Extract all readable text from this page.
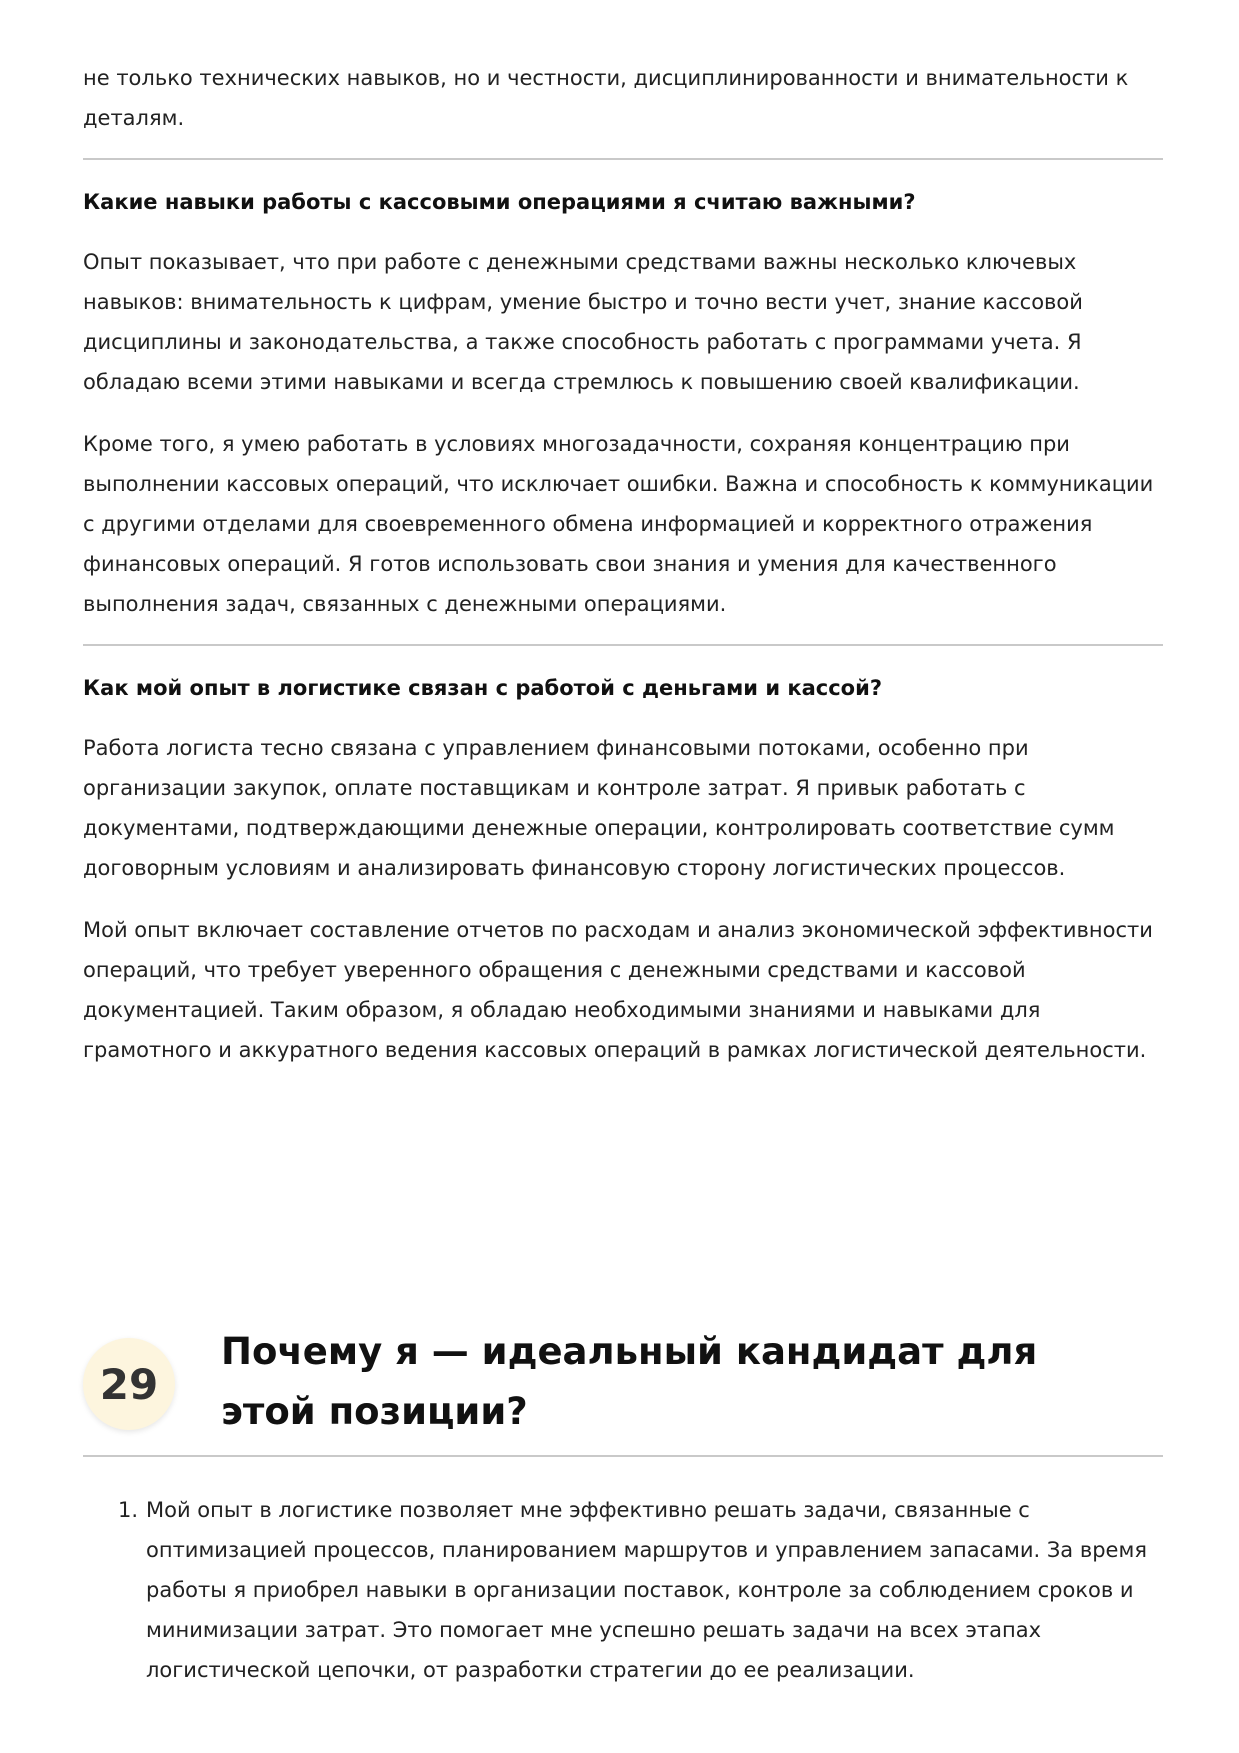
не только технических навыков, но и честности, дисциплинированности и внимательности к деталям.

Какие навыки работы с кассовыми операциями я считаю важными?

Опыт показывает, что при работе с денежными средствами важны несколько ключевых навыков: внимательность к цифрам, умение быстро и точно вести учет, знание кассовой дисциплины и законодательства, а также способность работать с программами учета. Я обладаю всеми этими навыками и всегда стремлюсь к повышению своей квалификации.

Кроме того, я умею работать в условиях многозадачности, сохраняя концентрацию при выполнении кассовых операций, что исключает ошибки. Важна и способность к коммуникации с другими отделами для своевременного обмена информацией и корректного отражения финансовых операций. Я готов использовать свои знания и умения для качественного выполнения задач, связанных с денежными операциями.

Как мой опыт в логистике связан с работой с деньгами и кассой?

Работа логиста тесно связана с управлением финансовыми потоками, особенно при организации закупок, оплате поставщикам и контроле затрат. Я привык работать с документами, подтверждающими денежные операции, контролировать соответствие сумм договорным условиям и анализировать финансовую сторону логистических процессов.

Мой опыт включает составление отчетов по расходам и анализ экономической эффективности операций, что требует уверенного обращения с денежными средствами и кассовой документацией. Таким образом, я обладаю необходимыми знаниями и навыками для грамотного и аккуратного ведения кассовых операций в рамках логистической деятельности.

29
Почему я — идеальный кандидат для этой позиции?
1. Мой опыт в логистике позволяет мне эффективно решать задачи, связанные с оптимизацией процессов, планированием маршрутов и управлением запасами. За время работы я приобрел навыки в организации поставок, контроле за соблюдением сроков и минимизации затрат. Это помогает мне успешно решать задачи на всех этапах логистической цепочки, от разработки стратегии до ее реализации.
